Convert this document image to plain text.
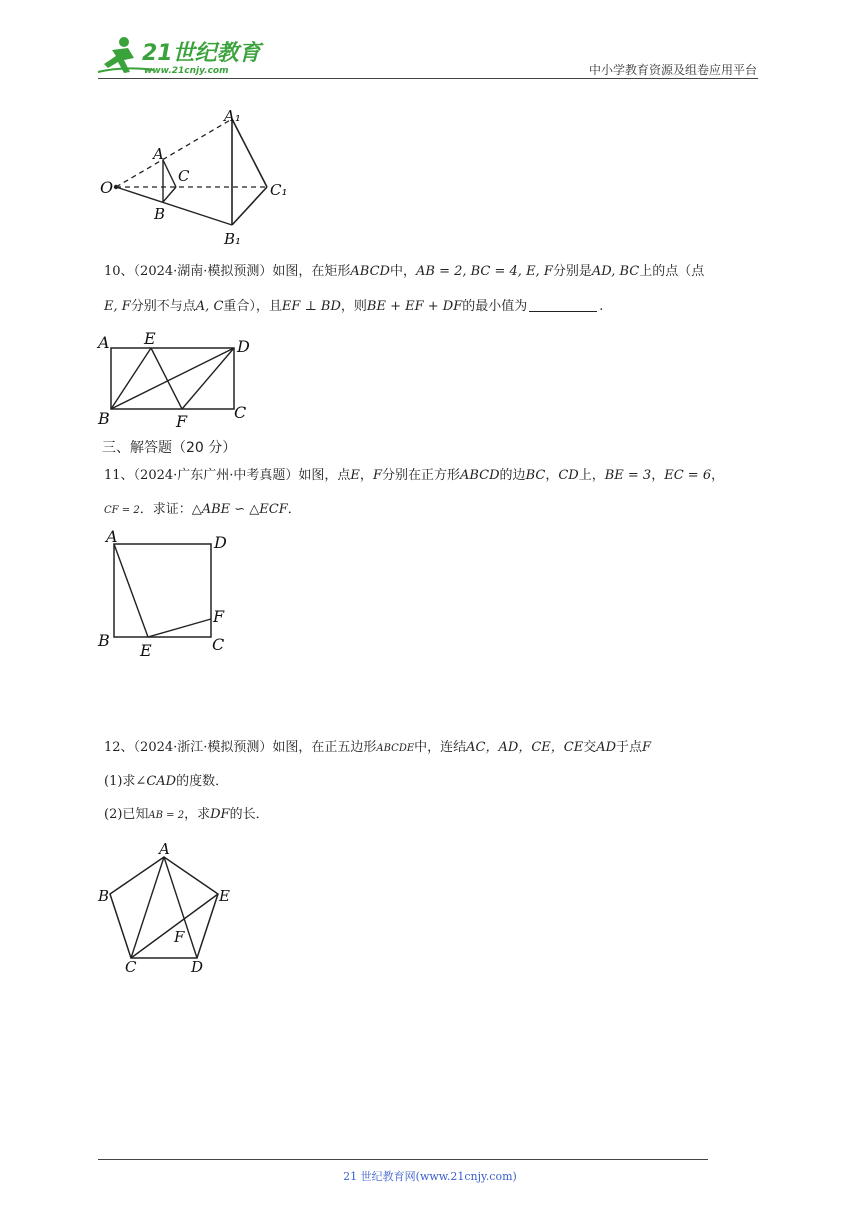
21世纪教育
www.21cnjy.com	中小学教育资源及组卷应用平台
A₁
A
C
O
B
C₁
B₁
10、（2024·湖南·模拟预测）如图，在矩形ABCD中，AB = 2, BC = 4, E, F分别是AD, BC上的点（点
E, F分别不与点A, C重合），且EF ⊥ BD，则BE + EF + DF的最小值为	.
A E	D
B	F	C
三、解答题（20 分）
11、（2024·广东广州·中考真题）如图，点E，F分别在正方形ABCD的边BC，CD上，BE = 3，EC = 6，
CF = 2．求证：△ABE ∽ △ECF．
A	D
F
B
E	C
12、（2024·浙江·模拟预测）如图，在正五边形ABCDE中，连结AC，AD，CE，CE交AD于点F
(1)求∠CAD的度数．
(2)已知AB = 2，求DF的长．
A
B	E
F
C	D
21 世纪教育网(www.21cnjy.com)
